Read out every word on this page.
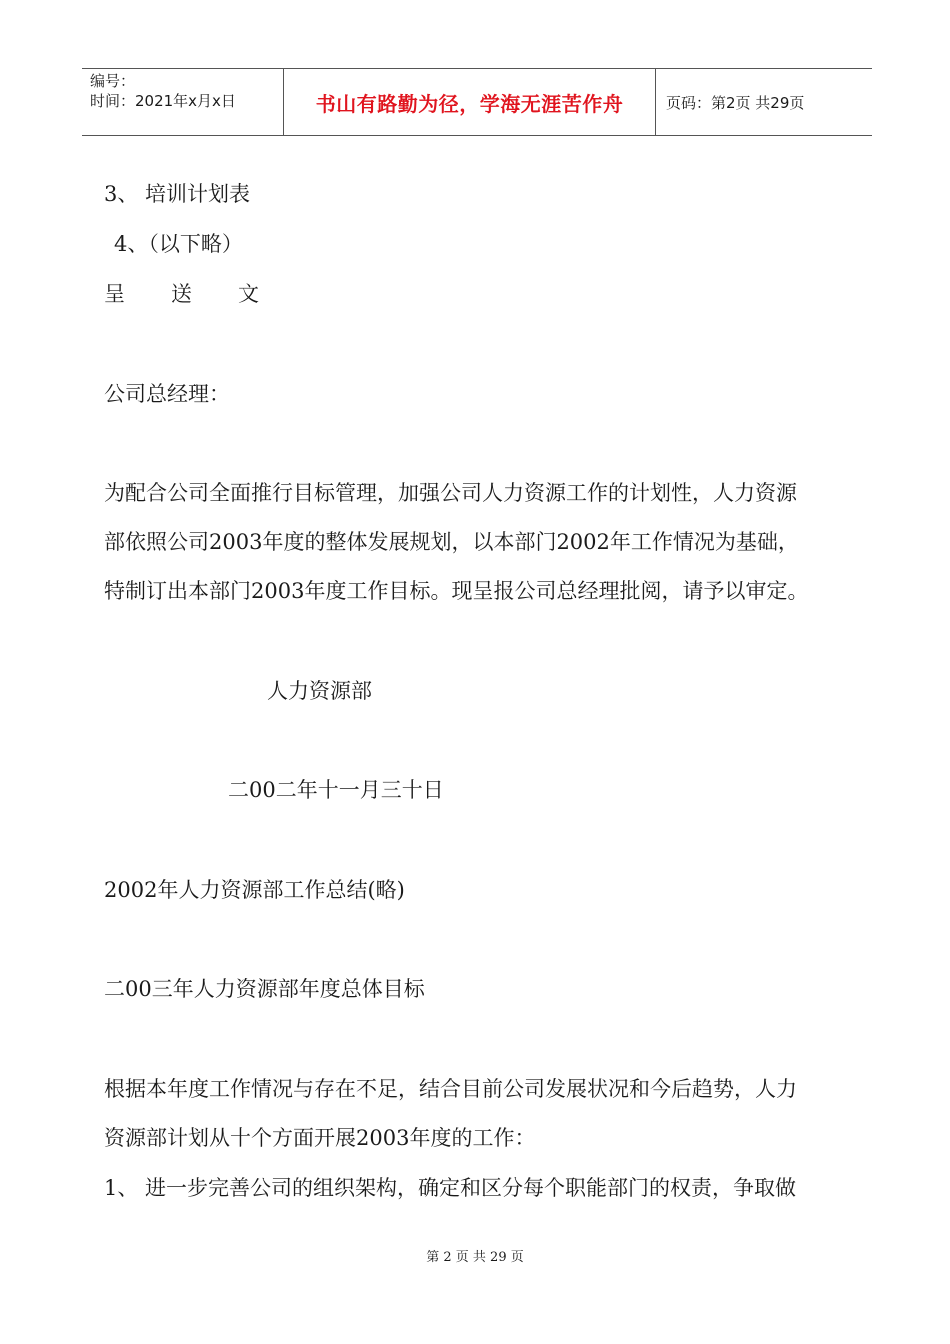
编号：
时间：2021年x月x日	书山有路勤为径，学海无涯苦作舟	页码：第2页 共29页
3、 培训计划表
4、（以下略）
呈 送 文
公司总经理：
为配合公司全面推行目标管理，加强公司人力资源工作的计划性，人力资源
部依照公司2003年度的整体发展规划，以本部门2002年工作情况为基础，
特制订出本部门2003年度工作目标。现呈报公司总经理批阅，请予以审定。
人力资源部
二00二年十一月三十日
2002年人力资源部工作总结(略)
二00三年人力资源部年度总体目标
根据本年度工作情况与存在不足，结合目前公司发展状况和今后趋势，人力
资源部计划从十个方面开展2003年度的工作：
1、 进一步完善公司的组织架构，确定和区分每个职能部门的权责，争取做
第 2 页 共 29 页
